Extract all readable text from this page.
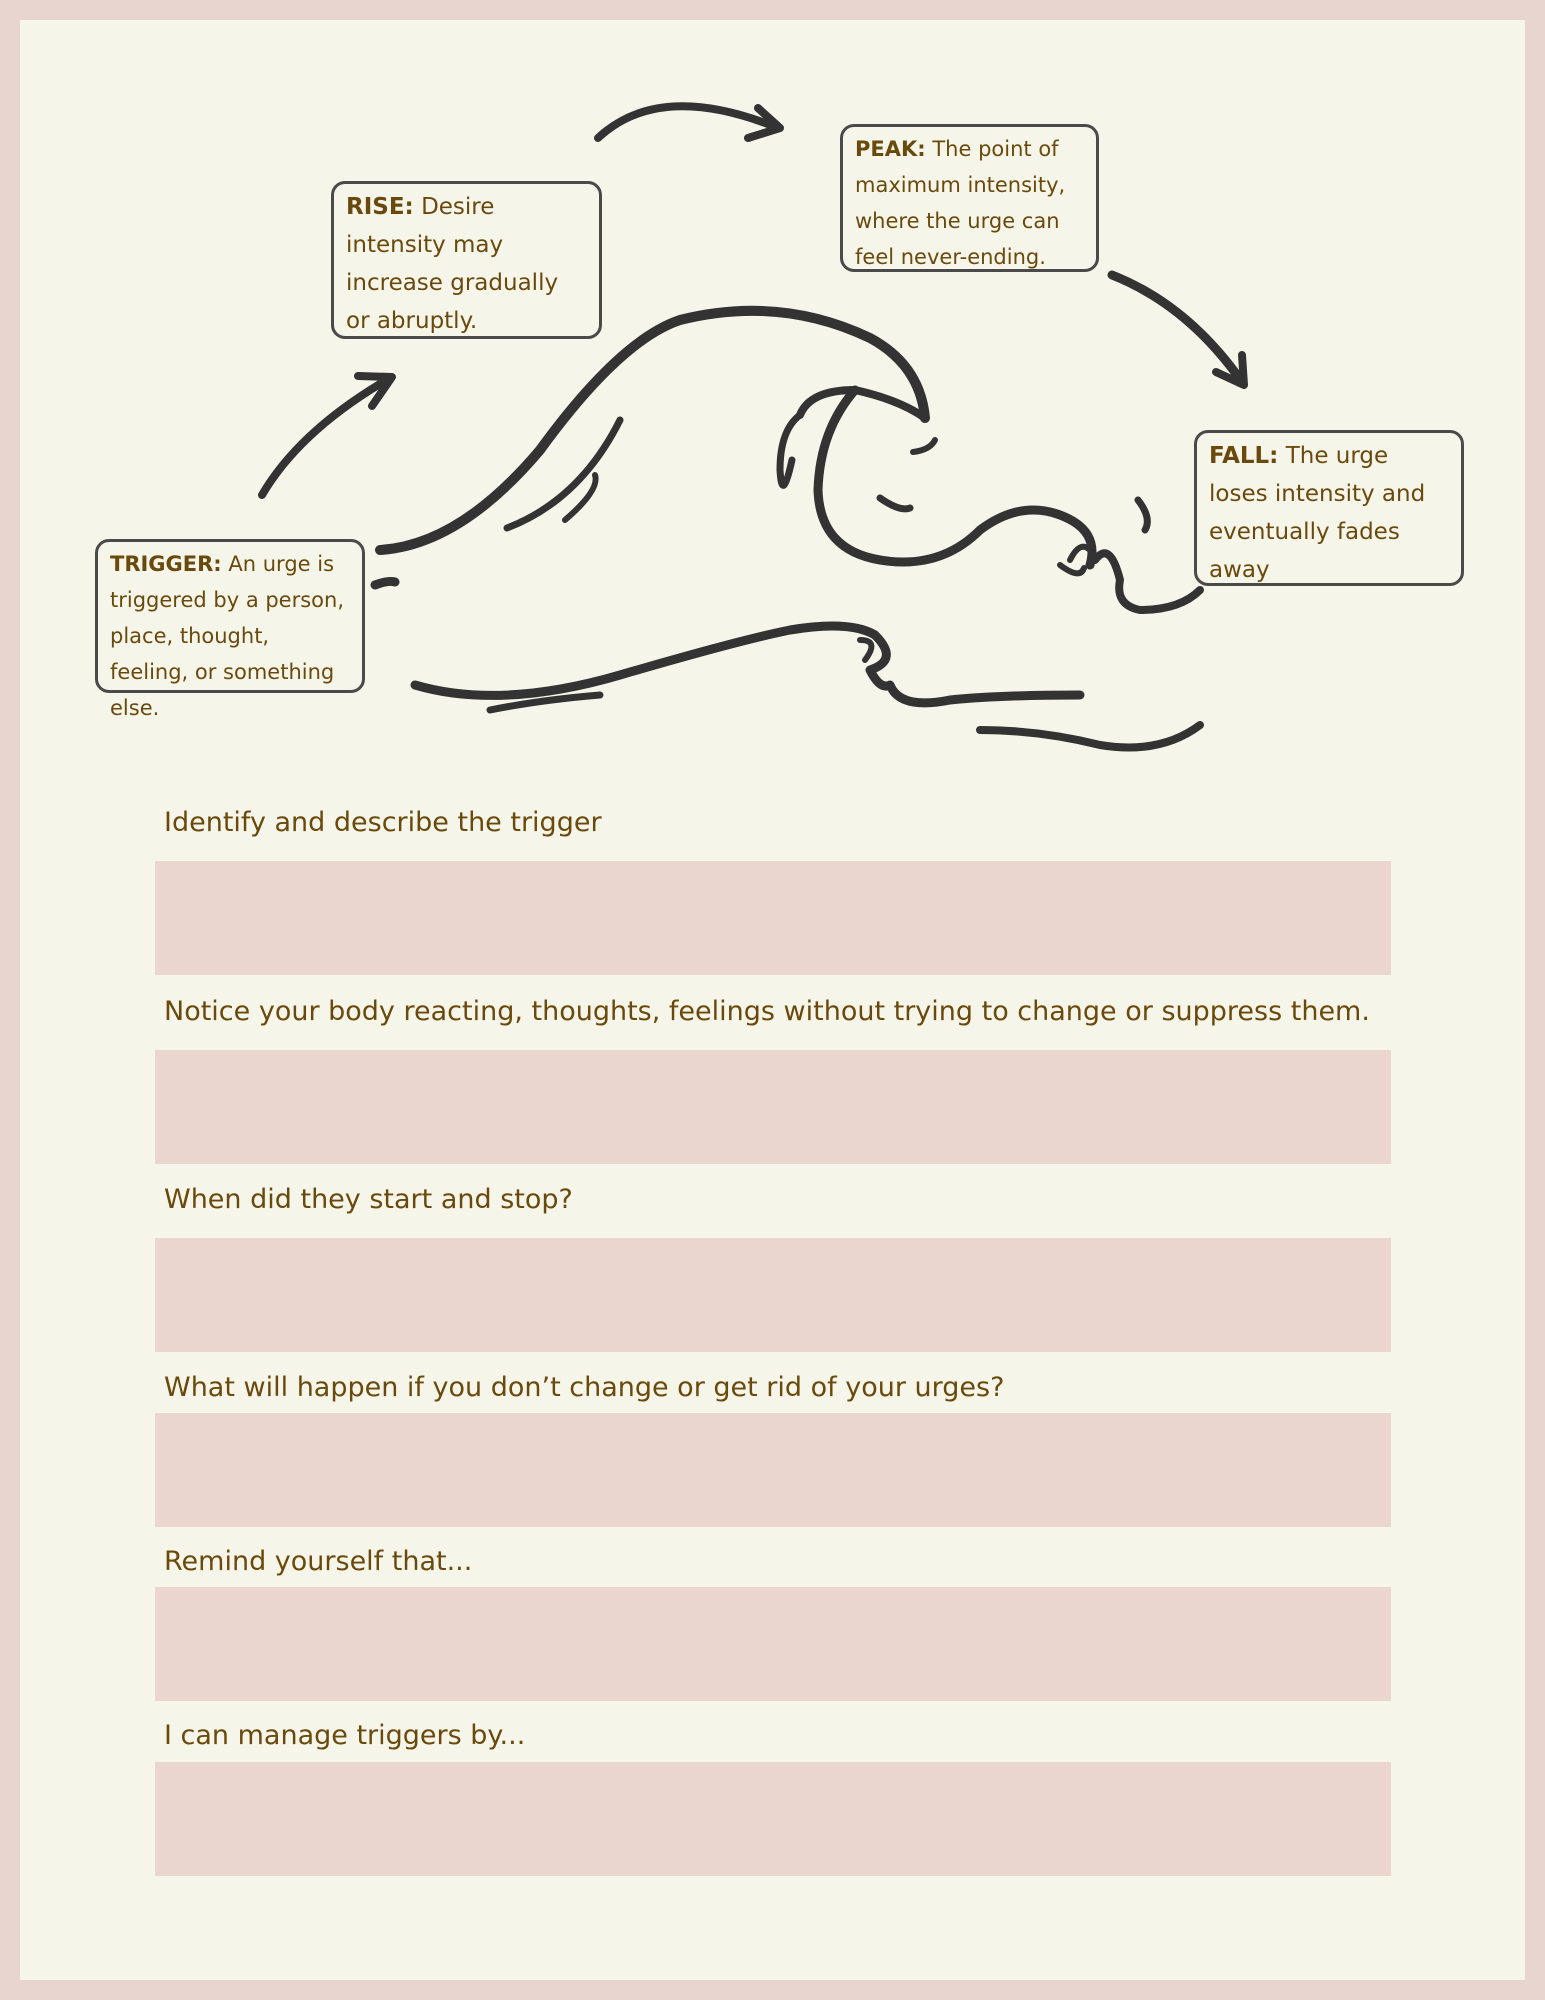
TRIGGER: An urge is triggered by a person, place, thought, feeling, or something else.
RISE: Desire intensity may increase gradually or abruptly.
PEAK: The point of maximum intensity, where the urge can feel never-ending.
FALL: The urge loses intensity and eventually fades away
Identify and describe the trigger
Notice your body reacting, thoughts, feelings without trying to change or suppress them.
When did they start and stop?
What will happen if you don’t change or get rid of your urges?
Remind yourself that...
I can manage triggers by...
